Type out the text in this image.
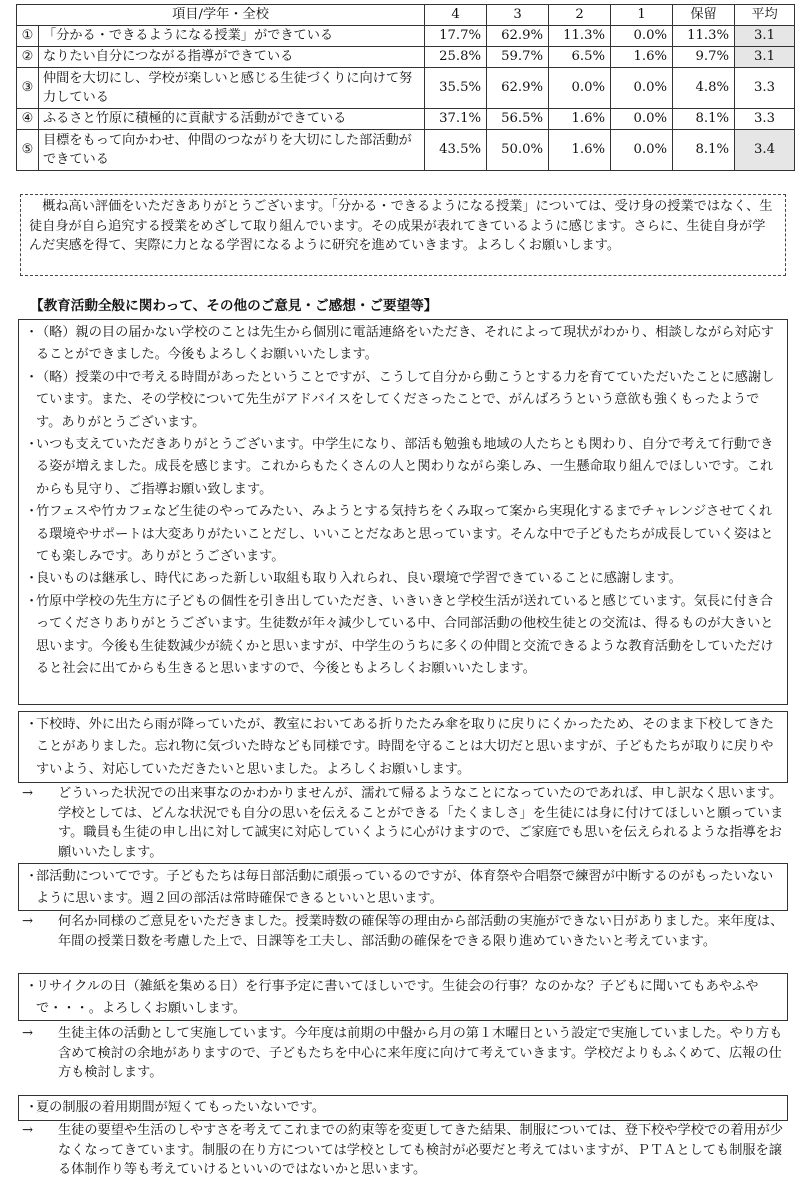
項目/学年・全校		4	3	2	1	保留	平均
①	「分かる・できるようになる授業」ができている	17.7%	62.9%	11.3%	0.0%	11.3%	3.1
②	なりたい自分につながる指導ができている	25.8%	59.7%	6.5%	1.6%	9.7%	3.1
③	仲間を大切にし、学校が楽しいと感じる生徒づくりに向けて努力している	35.5%	62.9%	0.0%	0.0%	4.8%	3.3
④	ふるさと竹原に積極的に貢献する活動ができている	37.1%	56.5%	1.6%	0.0%	8.1%	3.3
⑤	目標をもって向かわせ、仲間のつながりを大切にした部活動ができている	43.5%	50.0%	1.6%	0.0%	8.1%	3.4

概ね高い評価をいただきありがとうございます。「分かる・できるようになる授業」については、受け身の授業ではなく、生徒自身が自ら追究する授業をめざして取り組んでいます。その成果が表れてきているように感じます。さらに、生徒自身が学んだ実感を得て、実際に力となる学習になるように研究を進めていきます。よろしくお願いします。

【教育活動全般に関わって、その他のご意見・ご感想・ご要望等】
・
（略）親の目の届かない学校のことは先生から個別に電話連絡をいただき、それによって現状がわかり、相談しながら対応することができました。今後もよろしくお願いいたします。
・
（略）授業の中で考える時間があったということですが、こうして自分から動こうとする力を育てていただいたことに感謝しています。また、その学校について先生がアドバイスをしてくださったことで、がんばろうという意欲も強くもったようです。ありがとうございます。
・
いつも支えていただきありがとうございます。中学生になり、部活も勉強も地域の人たちとも関わり、自分で考えて行動できる姿が増えました。成長を感じます。これからもたくさんの人と関わりながら楽しみ、一生懸命取り組んでほしいです。これからも見守り、ご指導お願い致します。
・
竹フェスや竹カフェなど生徒のやってみたい、みようとする気持ちをくみ取って案から実現化するまでチャレンジさせてくれる環境やサポートは大変ありがたいことだし、いいことだなあと思っています。そんな中で子どもたちが成長していく姿はとても楽しみです。ありがとうございます。
・
良いものは継承し、時代にあった新しい取組も取り入れられ、良い環境で学習できていることに感謝します。
・
竹原中学校の先生方に子どもの個性を引き出していただき、いきいきと学校生活が送れていると感じています。気長に付き合ってくださりありがとうございます。生徒数が年々減少している中、合同部活動の他校生徒との交流は、得るものが大きいと思います。今後も生徒数減少が続くかと思いますが、中学生のうちに多くの仲間と交流できるような教育活動をしていただけると社会に出てからも生きると思いますので、今後ともよろしくお願いいたします。
・
下校時、外に出たら雨が降っていたが、教室においてある折りたたみ傘を取りに戻りにくかったため、そのまま下校してきたことがありました。忘れ物に気づいた時なども同様です。時間を守ることは大切だと思いますが、子どもたちが取りに戻りやすいよう、対応していただきたいと思いました。よろしくお願いします。
→ どういった状況での出来事なのかわかりませんが、濡れて帰るようなことになっていたのであれば、申し訳なく思います。学校としては、どんな状況でも自分の思いを伝えることができる「たくましさ」を生徒には身に付けてほしいと願っています。職員も生徒の申し出に対して誠実に対応していくように心がけますので、ご家庭でも思いを伝えられるような指導をお願いいたします。
・
部活動についてです。子どもたちは毎日部活動に頑張っているのですが、体育祭や合唱祭で練習が中断するのがもったいないように思います。週２回の部活は常時確保できるといいと思います。
→ 何名か同様のご意見をいただきました。授業時数の確保等の理由から部活動の実施ができない日がありました。来年度は、年間の授業日数を考慮した上で、日課等を工夫し、部活動の確保をできる限り進めていきたいと考えています。
・
リサイクルの日（雑紙を集める日）を行事予定に書いてほしいです。生徒会の行事？なのかな？子どもに聞いてもあやふやで・・・。よろしくお願いします。
→ 生徒主体の活動として実施しています。今年度は前期の中盤から月の第１木曜日という設定で実施していました。やり方も含めて検討の余地がありますので、子どもたちを中心に来年度に向けて考えていきます。学校だよりもふくめて、広報の仕方も検討します。
・
夏の制服の着用期間が短くてもったいないです。
→ 生徒の要望や生活のしやすさを考えてこれまでの約束等を変更してきた結果、制服については、登下校や学校での着用が少なくなってきています。制服の在り方については学校としても検討が必要だと考えてはいますが、ＰＴＡとしても制服を譲る体制作り等も考えていけるといいのではないかと思います。
